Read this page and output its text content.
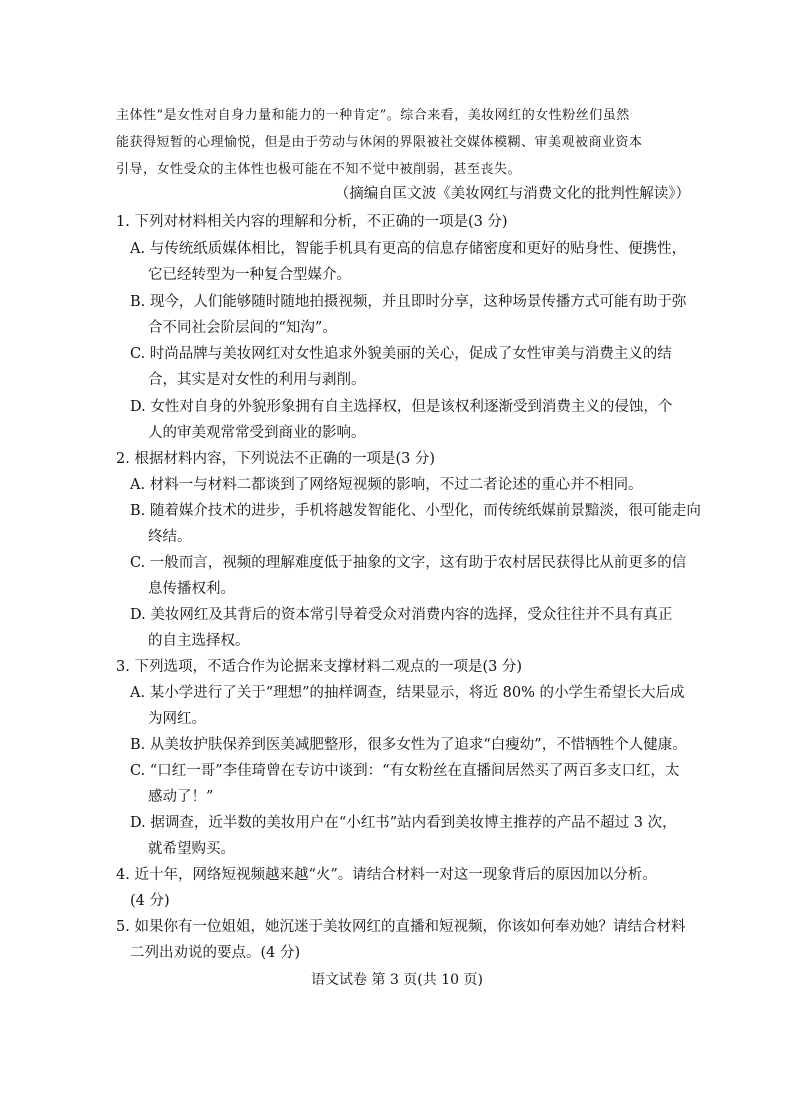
主体性”是女性对自身力量和能力的一种肯定”。综合来看，美妆网红的女性粉丝们虽然
能获得短暂的心理愉悦，但是由于劳动与休闲的界限被社交媒体模糊、审美观被商业资本
引导，女性受众的主体性也极可能在不知不觉中被削弱，甚至丧失。
（摘编自匡文波《美妆网红与消费文化的批判性解读》）
1. 下列对材料相关内容的理解和分析，不正确的一项是(3 分)
A. 与传统纸质媒体相比，智能手机具有更高的信息存储密度和更好的贴身性、便携性，
它已经转型为一种复合型媒介。
B. 现今，人们能够随时随地拍摄视频，并且即时分享，这种场景传播方式可能有助于弥
合不同社会阶层间的“知沟”。
C. 时尚品牌与美妆网红对女性追求外貌美丽的关心，促成了女性审美与消费主义的结
合，其实是对女性的利用与剥削。
D. 女性对自身的外貌形象拥有自主选择权，但是该权利逐渐受到消费主义的侵蚀，个
人的审美观常常受到商业的影响。
2. 根据材料内容，下列说法不正确的一项是(3 分)
A. 材料一与材料二都谈到了网络短视频的影响，不过二者论述的重心并不相同。
B. 随着媒介技术的进步，手机将越发智能化、小型化，而传统纸媒前景黯淡，很可能走向
终结。
C. 一般而言，视频的理解难度低于抽象的文字，这有助于农村居民获得比从前更多的信
息传播权利。
D. 美妆网红及其背后的资本常引导着受众对消费内容的选择，受众往往并不具有真正
的自主选择权。
3. 下列选项，不适合作为论据来支撑材料二观点的一项是(3 分)
A. 某小学进行了关于“理想”的抽样调查，结果显示，将近 80% 的小学生希望长大后成
为网红。
B. 从美妆护肤保养到医美减肥整形，很多女性为了追求“白瘦幼”，不惜牺牲个人健康。
C. “口红一哥”李佳琦曾在专访中谈到：“有女粉丝在直播间居然买了两百多支口红，太
感动了！”
D. 据调查，近半数的美妆用户在“小红书”站内看到美妆博主推荐的产品不超过 3 次，
就希望购买。
4. 近十年，网络短视频越来越“火”。请结合材料一对这一现象背后的原因加以分析。
(4 分)
5. 如果你有一位姐姐，她沉迷于美妆网红的直播和短视频，你该如何奉劝她？请结合材料
二列出劝说的要点。(4 分)
语文试卷 第 3 页(共 10 页)
